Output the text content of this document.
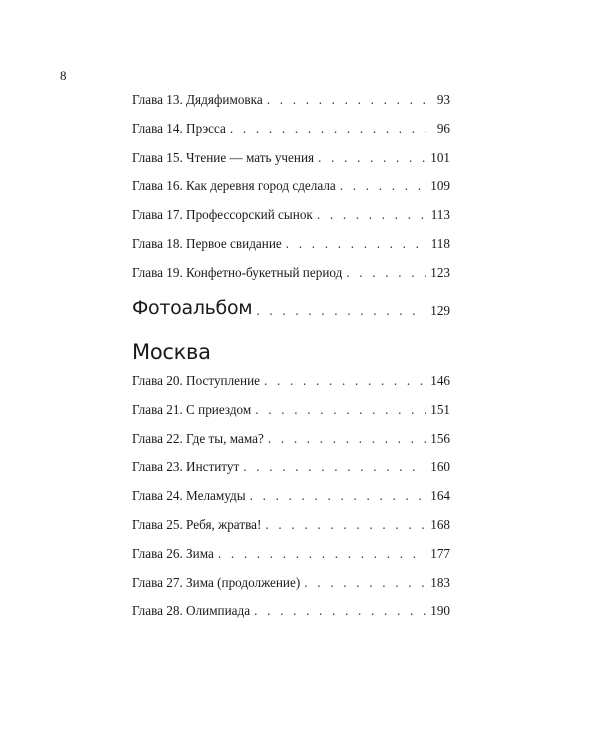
8
Глава 13. Дядяфимовка . . .	93
Глава 14. Прэсса . . .	96
Глава 15. Чтение — мать учения . . .	101
Глава 16. Как деревня город сделала . . .	109
Глава 17. Профессорский сынок . . .	113
Глава 18. Первое свидание . . .	118
Глава 19. Конфетно-букетный период . . .	123
Фотоальбом . . .	129
Москва
Глава 20. Поступление . . .	146
Глава 21. С приездом . . .	151
Глава 22. Где ты, мама? . . .	156
Глава 23. Институт . . .	160
Глава 24. Меламуды . . .	164
Глава 25. Ребя, жратва! . . .	168
Глава 26. Зима . . .	177
Глава 27. Зима (продолжение) . . .	183
Глава 28. Олимпиада . . .	190
